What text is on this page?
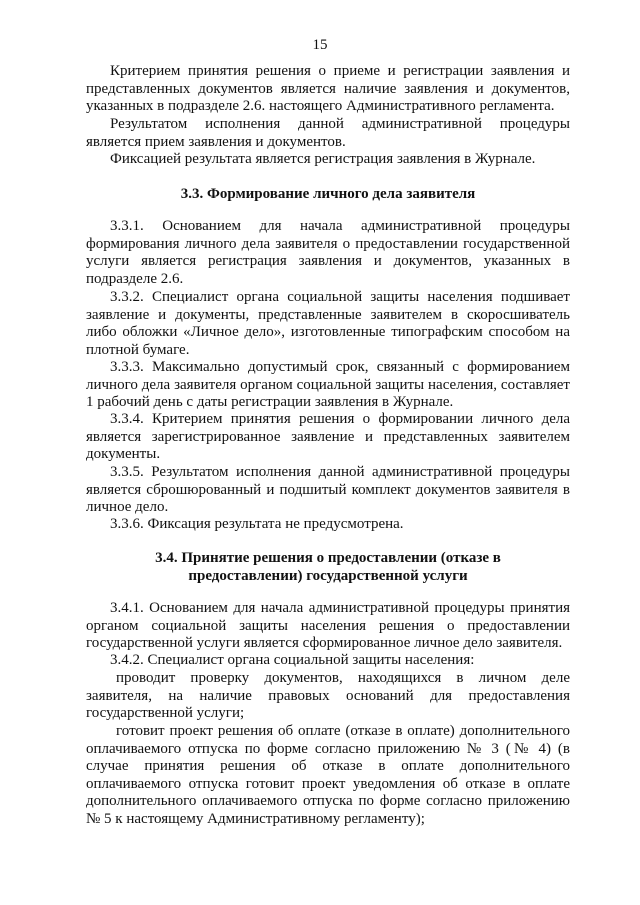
15

Критерием принятия решения о приеме и регистрации заявления и представленных документов является наличие заявления и документов, указанных в подразделе 2.6. настоящего Административного регламента.

Результатом исполнения данной административной процедуры является прием заявления и документов.

Фиксацией результата является регистрация заявления в Журнале.

3.3. Формирование личного дела заявителя

3.3.1. Основанием для начала административной процедуры формирования личного дела заявителя о предоставлении государственной услуги является регистрация заявления и документов, указанных в подразделе 2.6.

3.3.2. Специалист органа социальной защиты населения подшивает заявление и документы, представленные заявителем в скоросшиватель либо обложки «Личное дело», изготовленные типографским способом на плотной бумаге.

3.3.3. Максимально допустимый срок, связанный с формированием личного дела заявителя органом социальной защиты населения, составляет 1 рабочий день с даты регистрации заявления в Журнале.

3.3.4. Критерием принятия решения о формировании личного дела является зарегистрированное заявление и представленных заявителем документы.

3.3.5. Результатом исполнения данной административной процедуры является сброшюрованный и подшитый комплект документов заявителя в личное дело.

3.3.6. Фиксация результата не предусмотрена.

3.4. Принятие решения о предоставлении (отказе в предоставлении) государственной услуги

3.4.1. Основанием для начала административной процедуры принятия органом социальной защиты населения решения о предоставлении государственной услуги является сформированное личное дело заявителя.

3.4.2. Специалист органа социальной защиты населения:

проводит проверку документов, находящихся в личном деле заявителя, на наличие правовых оснований для предоставления государственной услуги;

готовит проект решения об оплате (отказе в оплате) дополнительного оплачиваемого отпуска по форме согласно приложению № 3 (№ 4) (в случае принятия решения об отказе в оплате дополнительного оплачиваемого отпуска готовит проект уведомления об отказе в оплате дополнительного оплачиваемого отпуска по форме согласно приложению № 5 к настоящему Административному регламенту);
